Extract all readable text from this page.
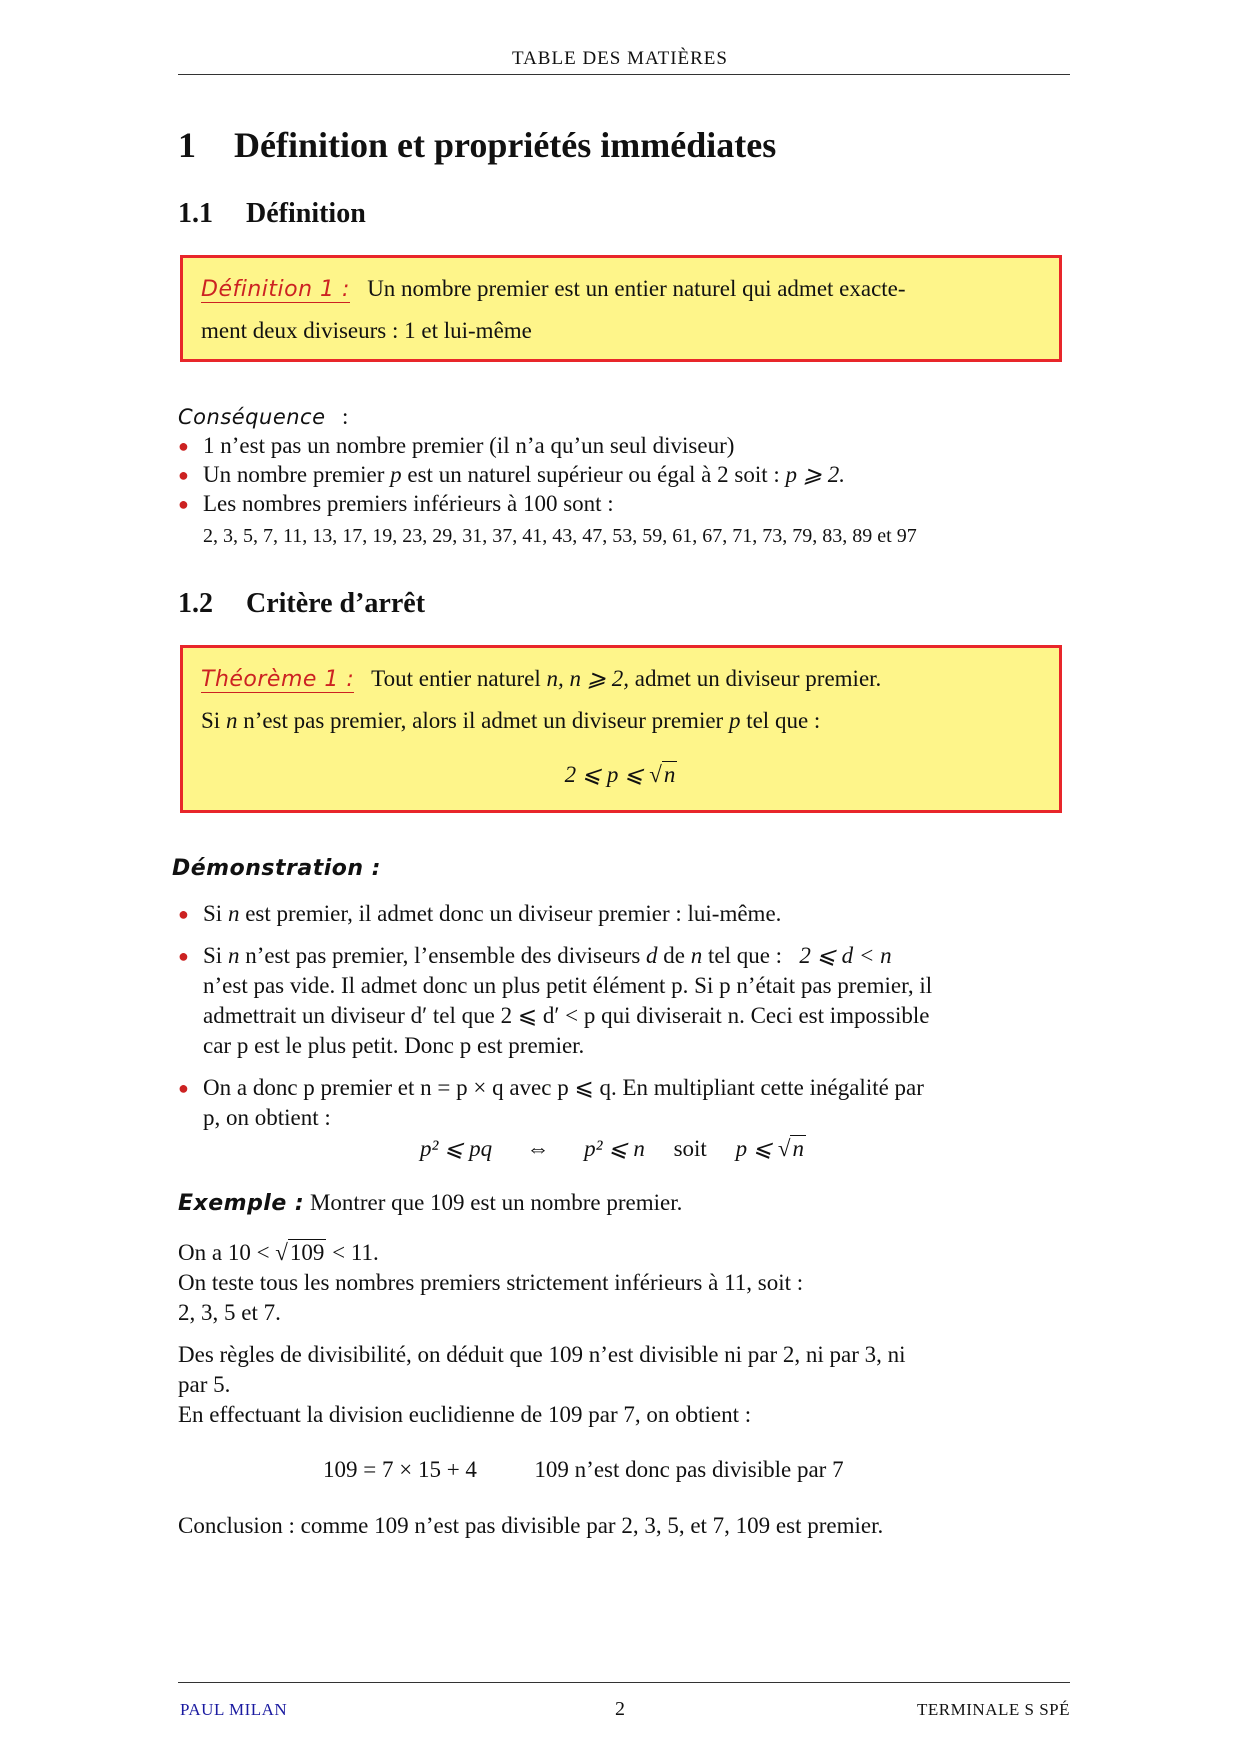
TABLE DES MATIÈRES
1 Définition et propriétés immédiates
1.1 Définition
Définition 1 : Un nombre premier est un entier naturel qui admet exacte-
ment deux diviseurs : 1 et lui-même
Conséquence :
● 1 n’est pas un nombre premier (il n’a qu’un seul diviseur)
● Un nombre premier p est un naturel supérieur ou égal à 2 soit : p ⩾ 2.
● Les nombres premiers inférieurs à 100 sont :
2, 3, 5, 7, 11, 13, 17, 19, 23, 29, 31, 37, 41, 43, 47, 53, 59, 61, 67, 71, 73, 79, 83, 89 et 97
1.2 Critère d’arrêt
Théorème 1 : Tout entier naturel n, n ⩾ 2, admet un diviseur premier.
Si n n’est pas premier, alors il admet un diviseur premier p tel que :
2 ⩽ p ⩽ √n
Démonstration :
● Si n est premier, il admet donc un diviseur premier : lui-même.
● Si n n’est pas premier, l’ensemble des diviseurs d de n tel que : 2 ⩽ d < n
n’est pas vide. Il admet donc un plus petit élément p. Si p n’était pas premier, il
admettrait un diviseur d′ tel que 2 ⩽ d′ < p qui diviserait n. Ceci est impossible
car p est le plus petit. Donc p est premier.
● On a donc p premier et n = p × q avec p ⩽ q. En multipliant cette inégalité par
p, on obtient :
p² ⩽ pq ⇔ p² ⩽ n soit p ⩽ √n
Exemple : Montrer que 109 est un nombre premier.
On a 10 < √109 < 11.
On teste tous les nombres premiers strictement inférieurs à 11, soit :
2, 3, 5 et 7.
Des règles de divisibilité, on déduit que 109 n’est divisible ni par 2, ni par 3, ni
par 5.
En effectuant la division euclidienne de 109 par 7, on obtient :
109 = 7 × 15 + 4	109 n’est donc pas divisible par 7
Conclusion : comme 109 n’est pas divisible par 2, 3, 5, et 7, 109 est premier.
PAUL MILAN	2	TERMINALE S SPÉ
